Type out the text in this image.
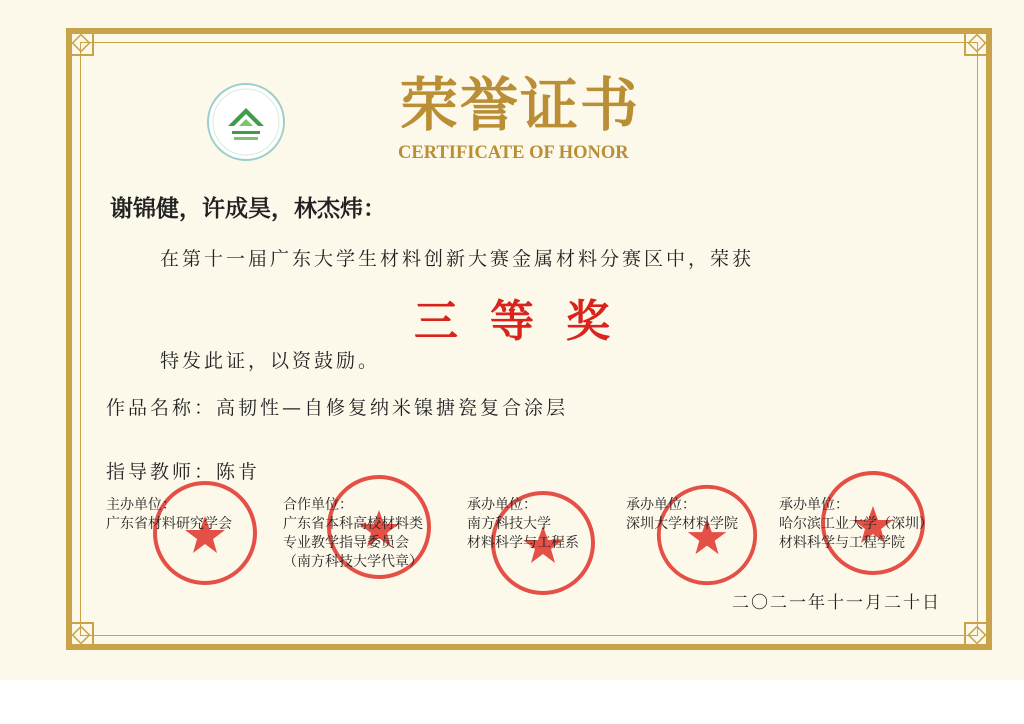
荣誉证书
CERTIFICATE OF HONOR
谢锦健，许成昊，林杰炜：
在第十一届广东大学生材料创新大赛金属材料分赛区中，荣获
三等奖
特发此证，以资鼓励。
作品名称：高韧性—自修复纳米镍搪瓷复合涂层
指导教师：陈肯
主办单位：
广东省材料研究学会
合作单位：
广东省本科高校材料类
专业教学指导委员会
（南方科技大学代章）
承办单位：
南方科技大学
材料科学与工程系
承办单位：
深圳大学材料学院
承办单位：
哈尔滨工业大学（深圳）
材料科学与工程学院
二〇二一年十一月二十日
